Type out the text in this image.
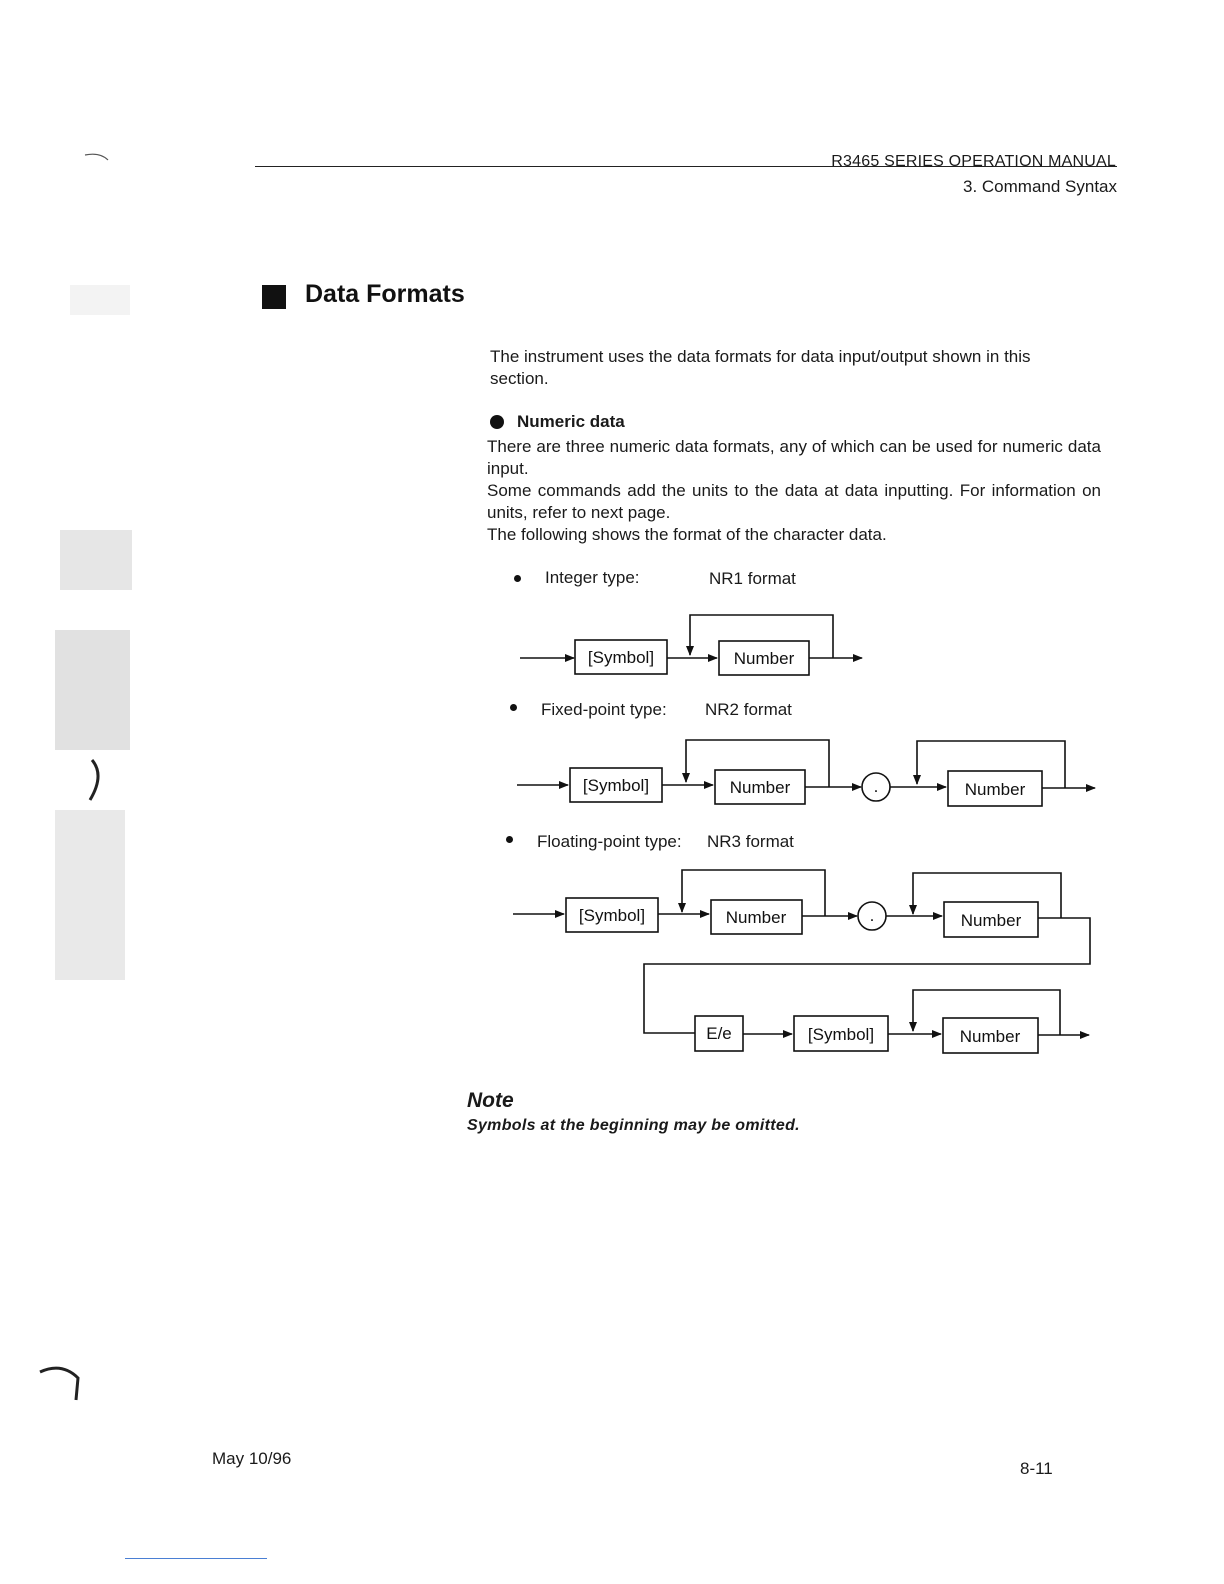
R3465 SERIES OPERATION MANUAL
3. Command Syntax
Data Formats
The instrument uses the data formats for data input/output shown in this section.
Numeric data

There are three numeric data formats, any of which can be used for numeric data input.

Some commands add the units to the data at data inputting. For information on units, refer to next page.

The following shows the format of the character data.

Integer type:	NR1 format
Fixed-point type: NR2 format
Floating-point type: NR3 format
[Symbol]	Number
[Symbol]	Number	.	Number
[Symbol]	Number	.	Number
E/e	[Symbol]	Number
Note
Symbols at the beginning may be omitted.
May 10/96
8-11
